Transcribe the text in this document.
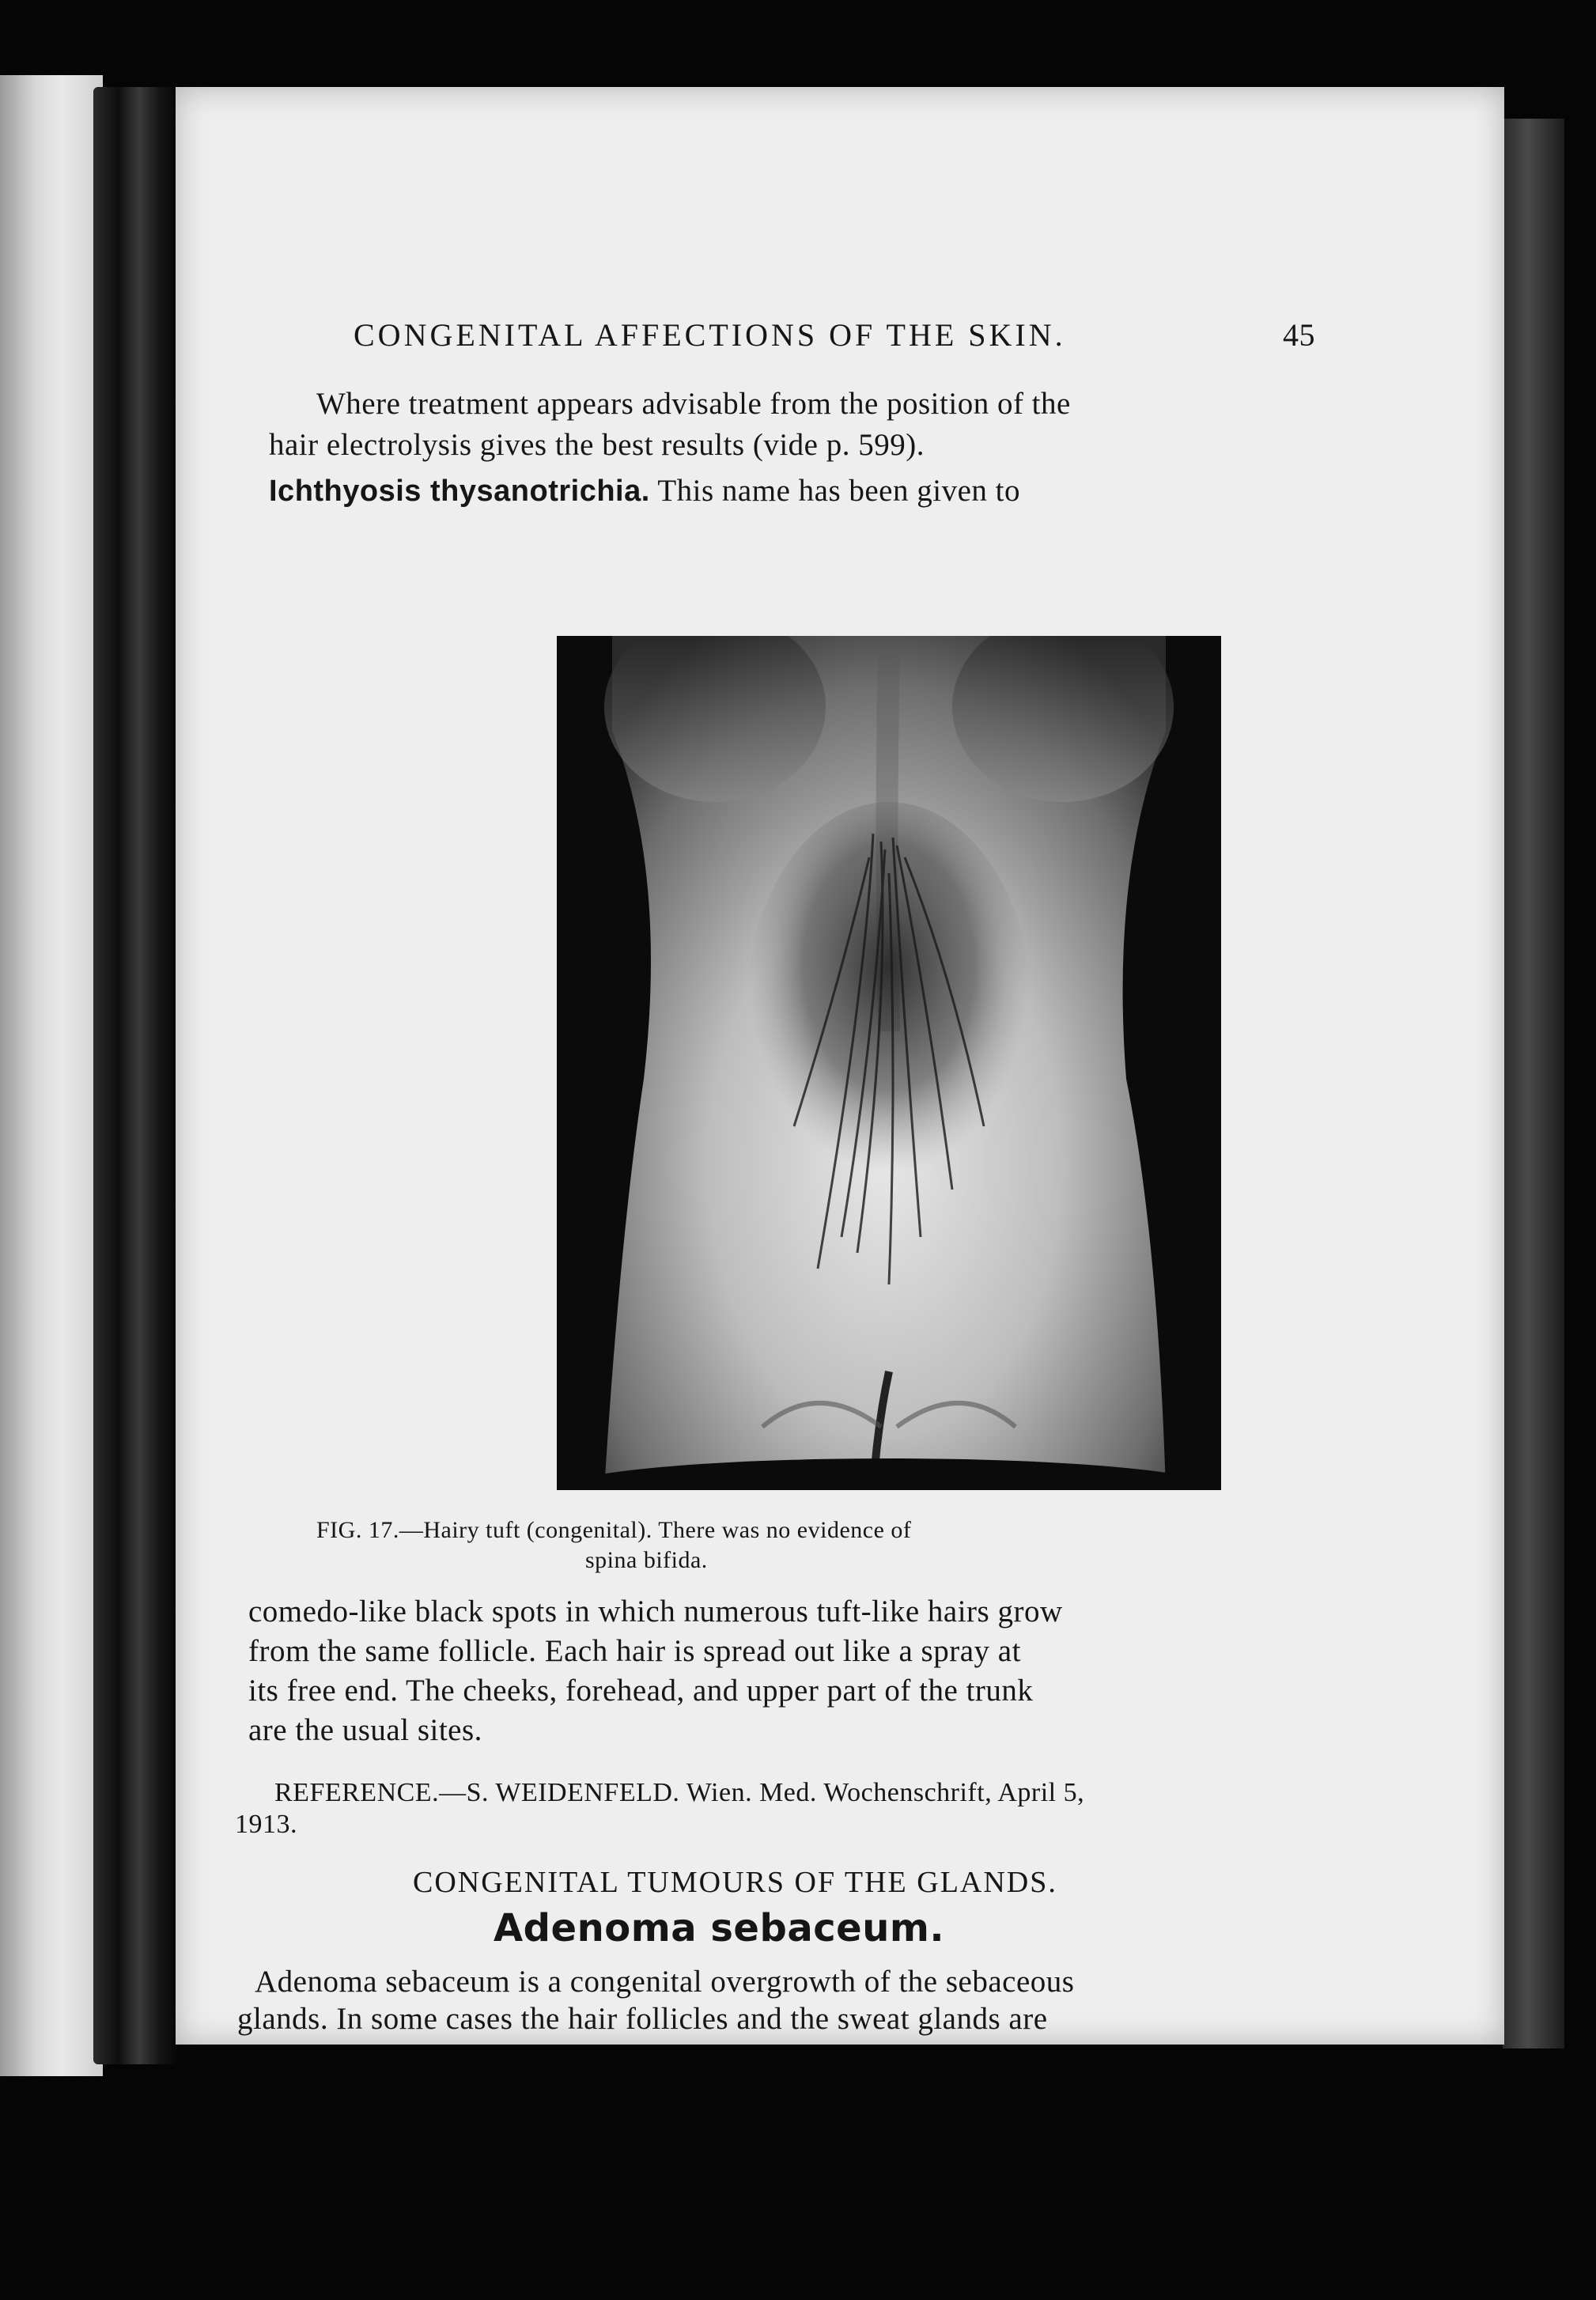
CONGENITAL AFFECTIONS OF THE SKIN.	45
Where treatment appears advisable from the position of the
hair electrolysis gives the best results (vide p. 599).
Ichthyosis thysanotrichia. This name has been given to
FIG. 17.—Hairy tuft (congenital). There was no evidence of
spina bifida.
comedo-like black spots in which numerous tuft-like hairs grow
from the same follicle. Each hair is spread out like a spray at
its free end. The cheeks, forehead, and upper part of the trunk
are the usual sites.
REFERENCE.—S. WEIDENFELD. Wien. Med. Wochenschrift, April 5,
1913.
CONGENITAL TUMOURS OF THE GLANDS.
Adenoma sebaceum.
Adenoma sebaceum is a congenital overgrowth of the sebaceous
glands. In some cases the hair follicles and the sweat glands are
